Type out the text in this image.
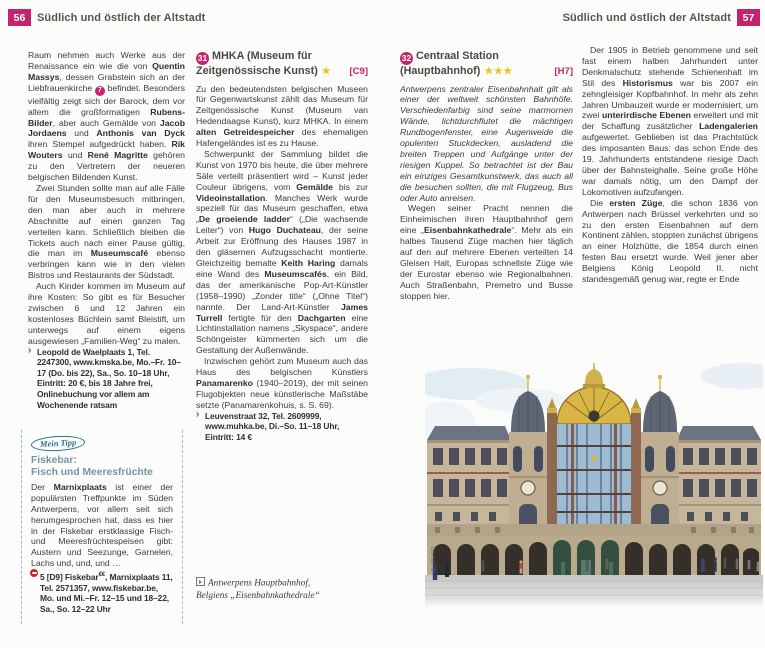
56	Südlich und östlich der Altstadt	Südlich und östlich der Altstadt	57

Raum nehmen auch Werke aus der Renaissance ein wie die von Quentin Massys, dessen Grabstein sich an der Liebfrauenkirche 7 befindet. Besonders vielfältig zeigt sich der Barock, dem vor allem die großformatigen Rubens-Bilder, aber auch Gemälde von Jacob Jordaens und Anthonis van Dyck ihren Stempel aufgedrückt haben. Rik Wouters und René Magritte gehören zu den Vertretern der neueren belgischen Bildenden Kunst.

Zwei Stunden sollte man auf alle Fälle für den Museumsbesuch mitbringen, den man aber auch in mehrere Abschnitte auf einen ganzen Tag verteilen kann. Schließlich bleiben die Tickets auch nach einer Pause gültig, die man im Museumscafé ebenso verbringen kann wie in den vielen Bistros und Restaurants der Südstadt.

Auch Kinder kommen im Museum auf ihre Kosten: So gibt es für Besucher zwischen 6 und 12 Jahren ein kostenloses Büchlein samt Bleistift, um unterwegs auf einem eigens ausgewiesen „Familien-Weg“ zu malen.

› Leopold de Waelplaats 1, Tel. 2247300, www.kmska.be, Mo.–Fr. 10–17 (Do. bis 22), Sa., So. 10–18 Uhr, Eintritt: 20 €, bis 18 Jahre frei, Onlinebuchung vor allem am Wochenende ratsam
Mein Tipp
Fiskebar:
Fisch und Meeresfrüchte

Der Marnixplaats ist einer der populärsten Treffpunkte im Süden Antwerpens, vor allem seit sich herumgesprochen hat, dass es hier in der Fiskebar erstklassige Fisch- und Meeresfrüchtespeisen gibt: Austern und Seezunge, Garnelen, Lachs und, und, und …

5 [D9] Fiskebar€€, Marnixplaats 11, Tel. 2571357, www.fiskebar.be, Mo. und Mi.–Fr. 12–15 und 18–22, Sa., So. 12–22 Uhr
31 MHKA (Museum für
Zeitgenössische Kunst) ★ [C9]

Zu den bedeutendsten belgischen Museen für Gegenwartskunst zählt das Museum für Zeitgenössische Kunst (Museum van Hedendaagse Kunst), kurz MHKA. In einem alten Getreidespeicher des ehemaligen Hafengeländes ist es zu Hause.

Schwerpunkt der Sammlung bildet die Kunst von 1970 bis heute, die über mehrere Säle verteilt präsentiert wird – Kunst jeder Couleur übrigens, vom Gemälde bis zur Videoinstallation. Manches Werk wurde speziell für das Museum geschaffen, etwa „De groeiende ladder“ („Die wachsende Leiter“) von Hugo Duchateau, der seine Arbeit zur Eröffnung des Hauses 1987 in den gläsernen Aufzugsschacht montierte. Gleichzeitig bemalte Keith Haring damals eine Wand des Museumscafés, ein Bild, das der amerikanische Pop-Art-Künstler (1958–1990) „Zonder title“ („Ohne Titel“) nannte. Der Land-Art-Künstler James Turrell fertigte für den Dachgarten eine Lichtinstallation namens „Skyspace“, andere Schöngeister kümmerten sich um die Gestaltung der Außenwände.

Inzwischen gehört zum Museum auch das Haus des belgischen Künstlers Panamarenko (1940–2019), der mit seinen Flugobjekten neue künstlerische Maßstäbe setzte (Panamarenkohuis, s. S. 69).

› Leuvenstraat 32, Tel. 2609999, www.muhka.be, Di.–So. 11–18 Uhr, Eintritt: 14 €
Antwerpens Hauptbahnhof,
Belgiens „Eisenbahnkathedrale“
32 Centraal Station
(Hauptbahnhof) ★★★	[H7]

Antwerpens zentraler Eisenbahnhalt gilt als einer der weltweit schönsten Bahnhöfe. Verschiedenfarbig sind seine marmornen Wände, lichtdurchflutet die mächtigen Rundbogenfenster, eine Augenweide die opulenten Stuckdecken, ausladend die breiten Treppen und Aufgänge unter der riesigen Kuppel. So betrachtet ist der Bau ein einziges Gesamtkunstwerk, das auch all die besuchen sollten, die mit Flugzeug, Bus oder Auto anreisen.

Wegen seiner Pracht nennen die Einheimischen ihren Hauptbahnhof gern eine „Eisenbahnkathedrale“. Mehr als ein halbes Tausend Züge machen hier täglich auf den auf mehrere Ebenen verteilten 14 Gleisen Halt, Europas schnellste Züge wie der Eurostar ebenso wie Regionalbahnen. Auch Straßenbahn, Premetro und Busse stoppen hier.

Der 1905 in Betrieb genommene und seit fast einem halben Jahrhundert unter Denkmalschutz stehende Schienenhalt im Stil des Historismus war bis 2007 ein zehngleisiger Kopfbahnhof. In mehr als zehn Jahren Umbauzeit wurde er modernisiert, um zwei unterirdische Ebenen erweitert und mit der Schaffung zusätzlicher Ladengalerien aufgewertet. Geblieben ist das Prachtstück des imposanten Baus: das schon Ende des 19. Jahrhunderts entstandene riesige Dach über der Bahnsteighalle. Seine große Höhe war damals nötig, um den Dampf der Lokomotiven aufzufangen.

Die ersten Züge, die schon 1836 von Antwerpen nach Brüssel verkehrten und so zu den ersten Eisenbahnen auf dem Kontinent zählen, stoppten zunächst übrigens an einer Holzhütte, die 1854 durch einen festen Bau ersetzt wurde. Weil jener aber Belgiens König Leopold II. nicht standesgemäß genug war, regte er Ende

© MK/CO
